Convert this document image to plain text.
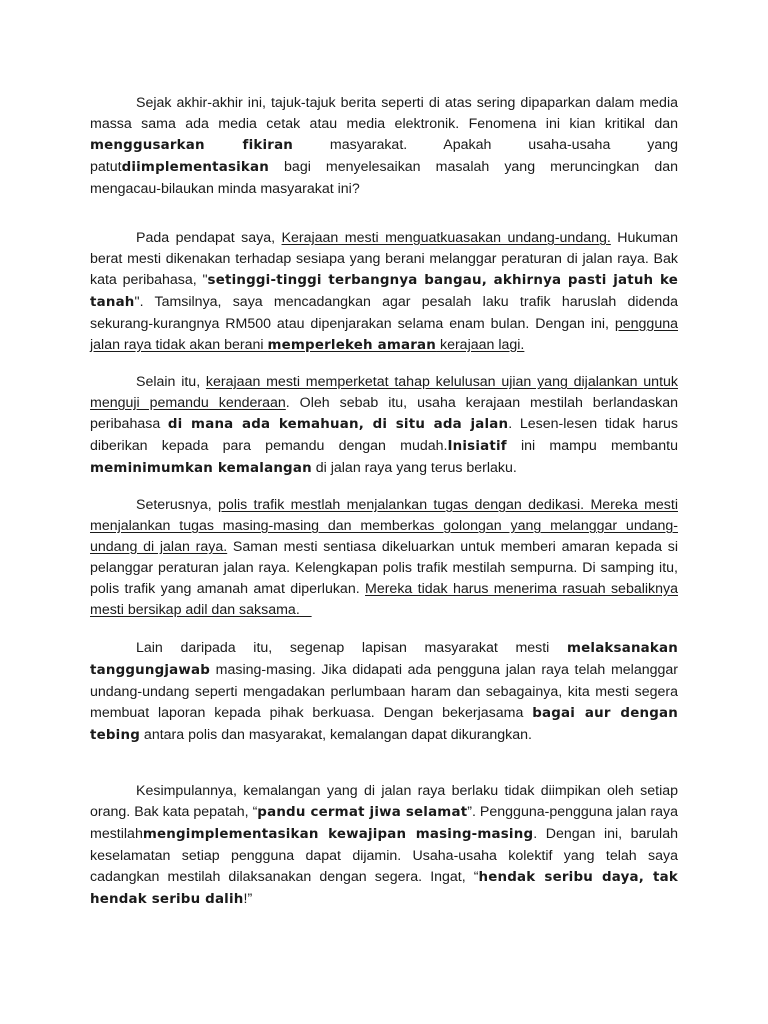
Sejak akhir-akhir ini, tajuk-tajuk berita seperti di atas sering dipaparkan dalam media massa sama ada media cetak atau media elektronik. Fenomena ini kian kritikal dan menggusarkan fikiran masyarakat. Apakah usaha-usaha yang patutdiimplementasikan bagi menyelesaikan masalah yang meruncingkan dan mengacau-bilaukan minda masyarakat ini?

Pada pendapat saya, Kerajaan mesti menguatkuasakan undang-undang. Hukuman berat mesti dikenakan terhadap sesiapa yang berani melanggar peraturan di jalan raya. Bak kata peribahasa, "setinggi-tinggi terbangnya bangau, akhirnya pasti jatuh ke tanah". Tamsilnya, saya mencadangkan agar pesalah laku trafik haruslah didenda sekurang-kurangnya RM500 atau dipenjarakan selama enam bulan. Dengan ini, pengguna jalan raya tidak akan berani memperlekeh amaran kerajaan lagi.

Selain itu, kerajaan mesti memperketat tahap kelulusan ujian yang dijalankan untuk menguji pemandu kenderaan. Oleh sebab itu, usaha kerajaan mestilah berlandaskan peribahasa di mana ada kemahuan, di situ ada jalan. Lesen-lesen tidak harus diberikan kepada para pemandu dengan mudah.Inisiatif ini mampu membantu meminimumkan kemalangan di jalan raya yang terus berlaku.

Seterusnya, polis trafik mestlah menjalankan tugas dengan dedikasi. Mereka mesti menjalankan tugas masing-masing dan memberkas golongan yang melanggar undang-undang di jalan raya. Saman mesti sentiasa dikeluarkan untuk memberi amaran kepada si pelanggar peraturan jalan raya. Kelengkapan polis trafik mestilah sempurna. Di samping itu, polis trafik yang amanah amat diperlukan. Mereka tidak harus menerima rasuah sebaliknya mesti bersikap adil dan saksama.

Lain daripada itu, segenap lapisan masyarakat mesti melaksanakan tanggungjawab masing-masing. Jika didapati ada pengguna jalan raya telah melanggar undang-undang seperti mengadakan perlumbaan haram dan sebagainya, kita mesti segera membuat laporan kepada pihak berkuasa. Dengan bekerjasama bagai aur dengan tebing antara polis dan masyarakat, kemalangan dapat dikurangkan.

Kesimpulannya, kemalangan yang di jalan raya berlaku tidak diimpikan oleh setiap orang. Bak kata pepatah, “pandu cermat jiwa selamat”. Pengguna-pengguna jalan raya mestilahmengimplementasikan kewajipan masing-masing. Dengan ini, barulah keselamatan setiap pengguna dapat dijamin. Usaha-usaha kolektif yang telah saya cadangkan mestilah dilaksanakan dengan segera. Ingat, “hendak seribu daya, tak hendak seribu dalih!”
